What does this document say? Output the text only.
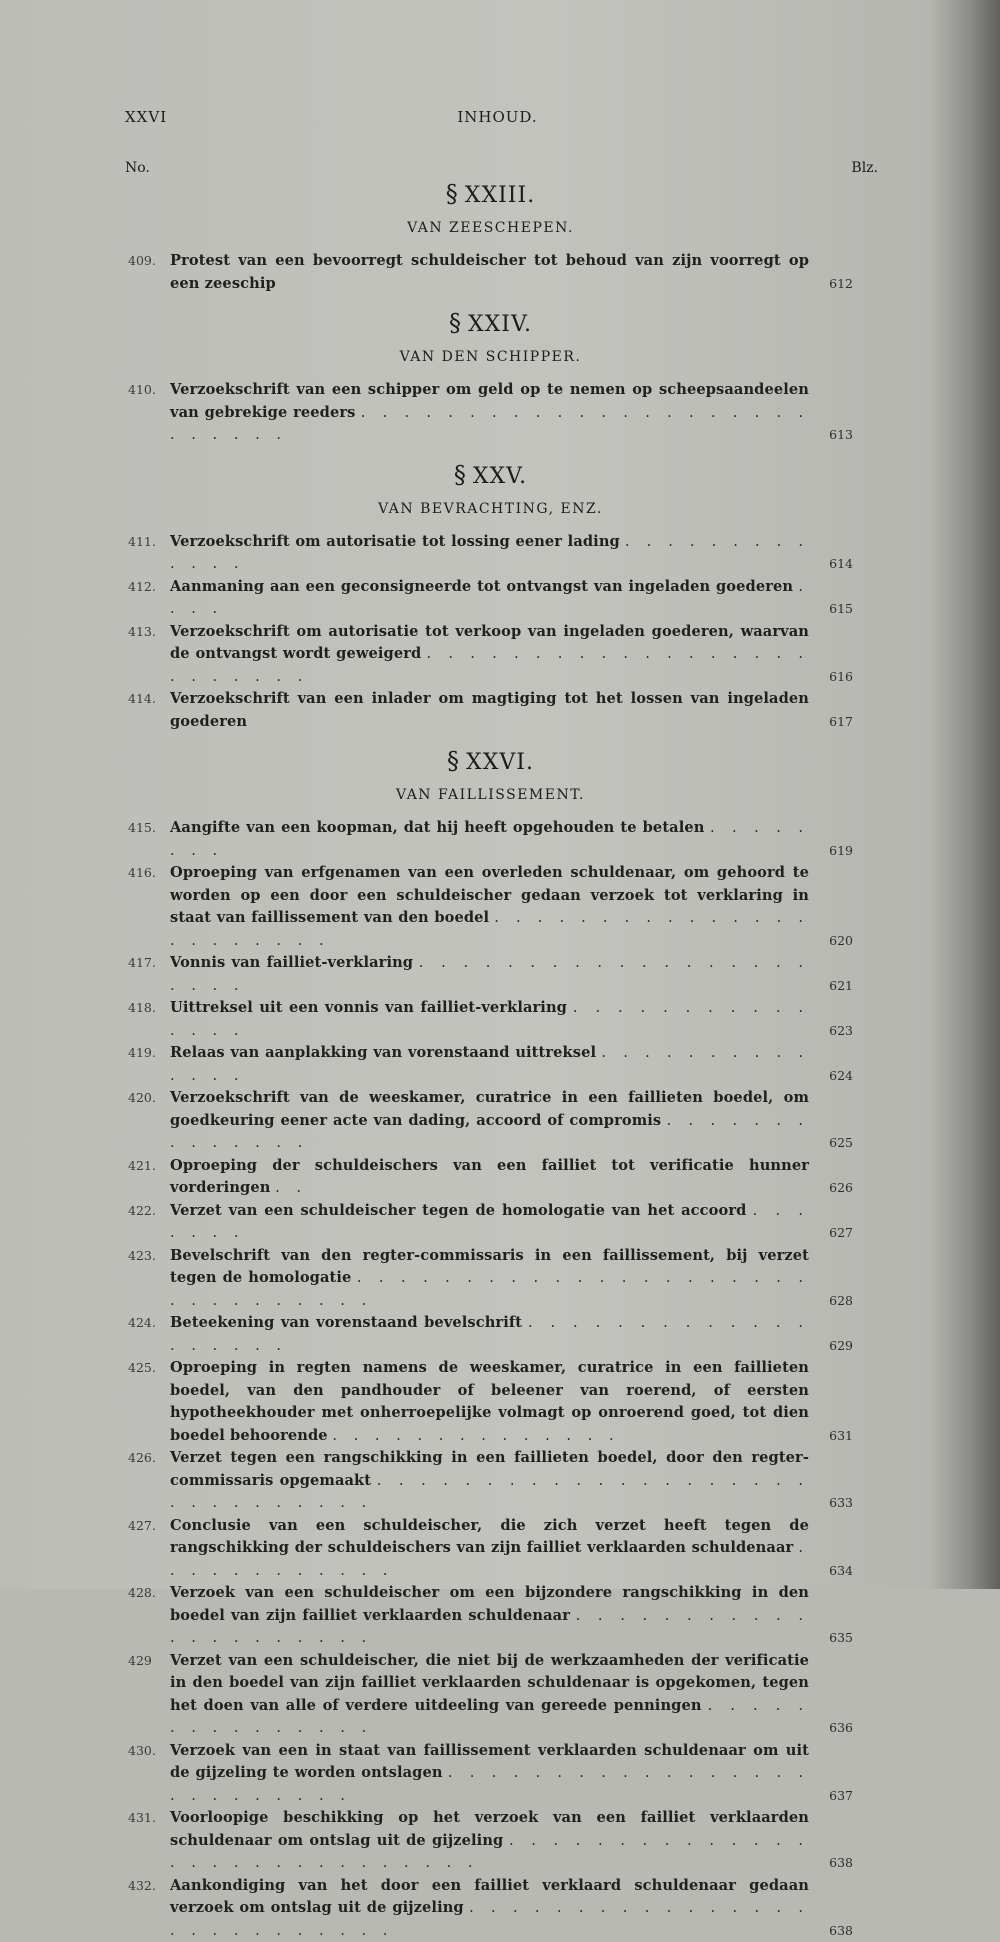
XXVI	INHOUD.
No.	Blz.
§ XXIII.
VAN ZEESCHEPEN.
409. Protest van een bevoorregt schuldeischer tot behoud van zijn voorregt op een zeeschip	612
§ XXIV.
VAN DEN SCHIPPER.
410. Verzoekschrift van een schipper om geld op te nemen op scheepsaandeelen van gebrekige reeders . . . . . . . . . . . . . . . . . . . . . . . . . . .	613
§ XXV.
VAN BEVRACHTING, ENZ.
411. Verzoekschrift om autorisatie tot lossing eener lading . . . . . . . . . . . . .	614
412. Aanmaning aan een geconsigneerde tot ontvangst van ingeladen goederen . . . .	615
413. Verzoekschrift om autorisatie tot verkoop van ingeladen goederen, waarvan de ontvangst wordt geweigerd . . . . . . . . . . . . . . . . . . . . . . . . .	616
414. Verzoekschrift van een inlader om magtiging tot het lossen van ingeladen goederen	617
§ XXVI.
VAN FAILLISSEMENT.
415. Aangifte van een koopman, dat hij heeft opgehouden te betalen . . . . . . . .	619
416. Oproeping van erfgenamen van een overleden schuldenaar, om gehoord te worden op een door een schuldeischer gedaan verzoek tot verklaring in staat van faillissement van den boedel . . . . . . . . . . . . . . . . . . . . . . .	620
417. Vonnis van failliet-verklaring . . . . . . . . . . . . . . . . . . . . . .	621
418. Uittreksel uit een vonnis van failliet-verklaring . . . . . . . . . . . . . . .	623
419. Relaas van aanplakking van vorenstaand uittreksel . . . . . . . . . . . . . .	624
420. Verzoekschrift van de weeskamer, curatrice in een faillieten boedel, om goedkeuring eener acte van dading, accoord of compromis . . . . . . . . . . . . . .	625
421. Oproeping der schuldeischers van een failliet tot verificatie hunner vorderingen . .	626
422. Verzet van een schuldeischer tegen de homologatie van het accoord . . . . . . .	627
423. Bevelschrift van den regter-commissaris in een faillissement, bij verzet tegen de homologatie . . . . . . . . . . . . . . . . . . . . . . . . . . . . . . .	628
424. Beteekening van vorenstaand bevelschrift . . . . . . . . . . . . . . . . . . .	629
425. Oproeping in regten namens de weeskamer, curatrice in een faillieten boedel, van den pandhouder of beleener van roerend, of eersten hypotheekhouder met onherroepelijke volmagt op onroerend goed, tot dien boedel behoorende . . . . . . . . . . . . . .	631
426. Verzet tegen een rangschikking in een faillieten boedel, door den regter-commissaris opgemaakt . . . . . . . . . . . . . . . . . . . . . . . . . . . . . .	633
427. Conclusie van een schuldeischer, die zich verzet heeft tegen de rangschikking der schuldeischers van zijn failliet verklaarden schuldenaar . . . . . . . . . . . .	634
428. Verzoek van een schuldeischer om een bijzondere rangschikking in den boedel van zijn failliet verklaarden schuldenaar . . . . . . . . . . . . . . . . . . . . .	635
429	Verzet van een schuldeischer, die niet bij de werkzaamheden der verificatie in den boedel van zijn failliet verklaarden schuldenaar is opgekomen, tegen het doen van alle of verdere uitdeeling van gereede penningen . . . . . . . . . . . . . . .	636
430. Verzoek van een in staat van faillissement verklaarden schuldenaar om uit de gijzeling te worden ontslagen . . . . . . . . . . . . . . . . . . . . . . . . . .	637
431. Voorloopige beschikking op het verzoek van een failliet verklaarden schuldenaar om ontslag uit de gijzeling . . . . . . . . . . . . . . . . . . . . . . . . . . . . .	638
432. Aankondiging van het door een failliet verklaard schuldenaar gedaan verzoek om ontslag uit de gijzeling . . . . . . . . . . . . . . . . . . . . . . . . . . .	638
